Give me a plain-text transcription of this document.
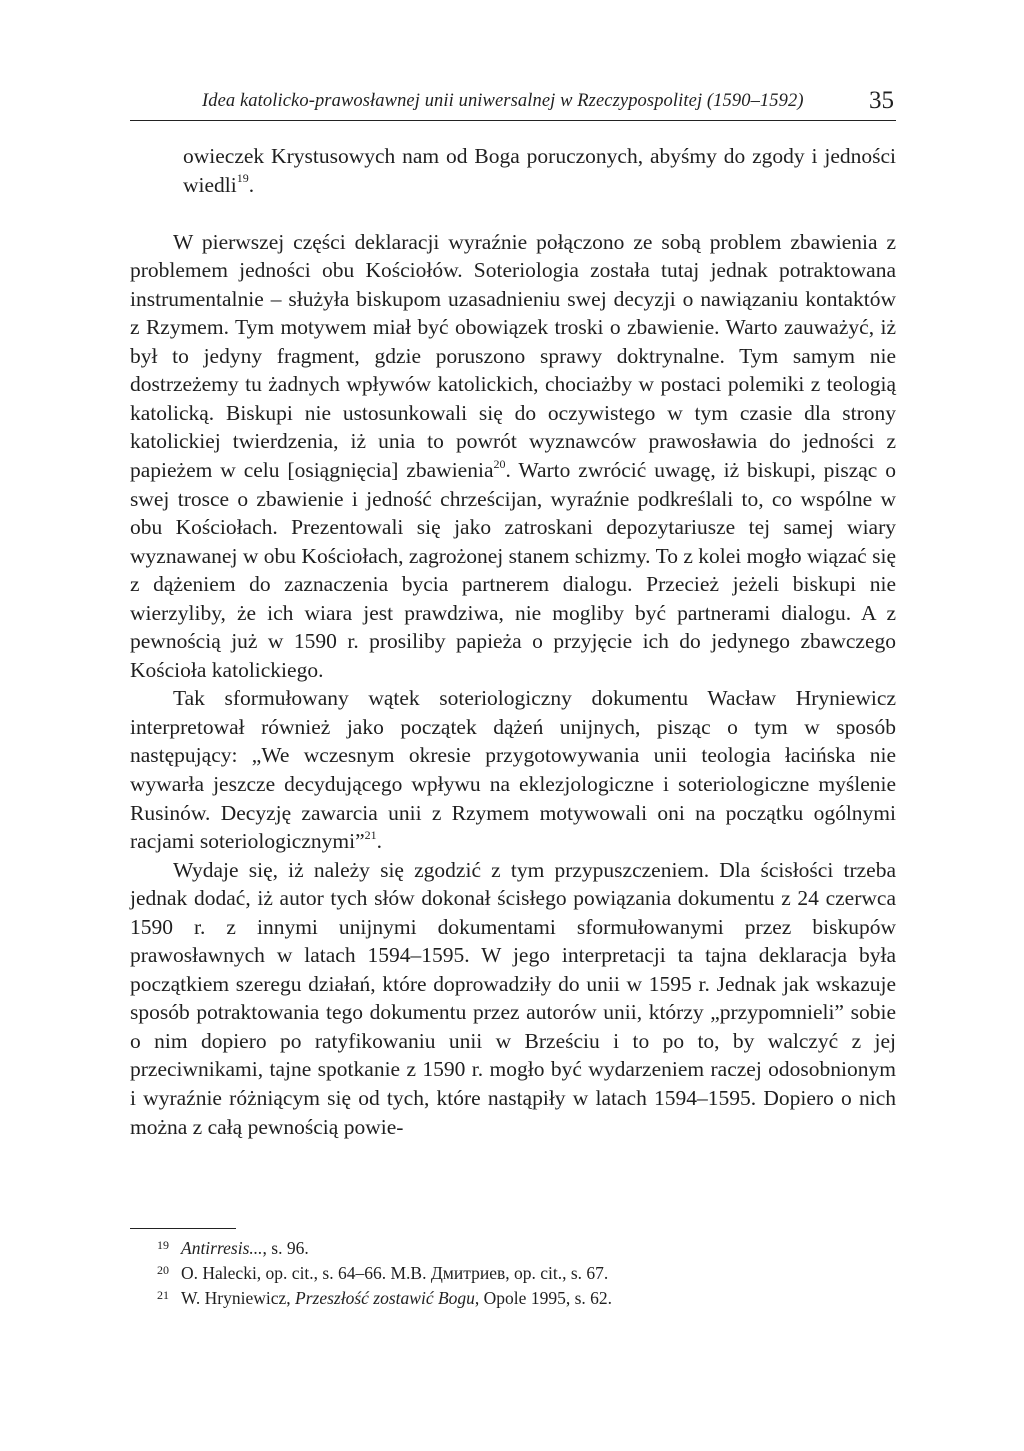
Idea katolicko-prawosławnej unii uniwersalnej w Rzeczypospolitej (1590–1592)	35

owieczek Krystusowych nam od Boga poruczonych, abyśmy do zgody i jedności wiedli$^{19}$.

W pierwszej części deklaracji wyraźnie połączono ze sobą problem zbawienia z problemem jedności obu Kościołów. Soteriologia została tutaj jednak potraktowana instrumentalnie – służyła biskupom uzasadnieniu swej decyzji o nawiązaniu kontaktów z Rzymem. Tym motywem miał być obowiązek troski o zbawienie. Warto zauważyć, iż był to jedyny fragment, gdzie poruszono sprawy doktrynalne. Tym samym nie dostrzeżemy tu żadnych wpływów katolickich, chociażby w postaci polemiki z teologią katolicką. Biskupi nie ustosunkowali się do oczywistego w tym czasie dla strony katolickiej twierdzenia, iż unia to powrót wyznawców prawosławia do jedności z papieżem w celu [osiągnięcia] zbawienia$^{20}$. Warto zwrócić uwagę, iż biskupi, pisząc o swej trosce o zbawienie i jedność chrześcijan, wyraźnie podkreślali to, co wspólne w obu Kościołach. Prezentowali się jako zatroskani depozytariusze tej samej wiary wyznawanej w obu Kościołach, zagrożonej stanem schizmy. To z kolei mogło wiązać się z dążeniem do zaznaczenia bycia partnerem dialogu. Przecież jeżeli biskupi nie wierzyliby, że ich wiara jest prawdziwa, nie mogliby być partnerami dialogu. A z pewnością już w 1590 r. prosiliby papieża o przyjęcie ich do jedynego zbawczego Kościoła katolickiego.

Tak sformułowany wątek soteriologiczny dokumentu Wacław Hryniewicz interpretował również jako początek dążeń unijnych, pisząc o tym w sposób następujący: „We wczesnym okresie przygotowywania unii teologia łacińska nie wywarła jeszcze decydującego wpływu na eklezjologiczne i soteriologiczne myślenie Rusinów. Decyzję zawarcia unii z Rzymem motywowali oni na początku ogólnymi racjami soteriologicznymi”$^{21}$.

Wydaje się, iż należy się zgodzić z tym przypuszczeniem. Dla ścisłości trzeba jednak dodać, iż autor tych słów dokonał ścisłego powiązania dokumentu z 24 czerwca 1590 r. z innymi unijnymi dokumentami sformułowanymi przez biskupów prawosławnych w latach 1594–1595. W jego interpretacji ta tajna deklaracja była początkiem szeregu działań, które doprowadziły do unii w 1595 r. Jednak jak wskazuje sposób potraktowania tego dokumentu przez autorów unii, którzy „przypomnieli” sobie o nim dopiero po ratyfikowaniu unii w Brześciu i to po to, by walczyć z jej przeciwnikami, tajne spotkanie z 1590 r. mogło być wydarzeniem raczej odosobnionym i wyraźnie różniącym się od tych, które nastąpiły w latach 1594–1595. Dopiero o nich można z całą pewnością powie-

19 Antirresis..., s. 96.

20 O. Halecki, op. cit., s. 64–66. М.В. Дмитриев, op. cit., s. 67.

21 W. Hryniewicz, Przeszłość zostawić Bogu, Opole 1995, s. 62.
